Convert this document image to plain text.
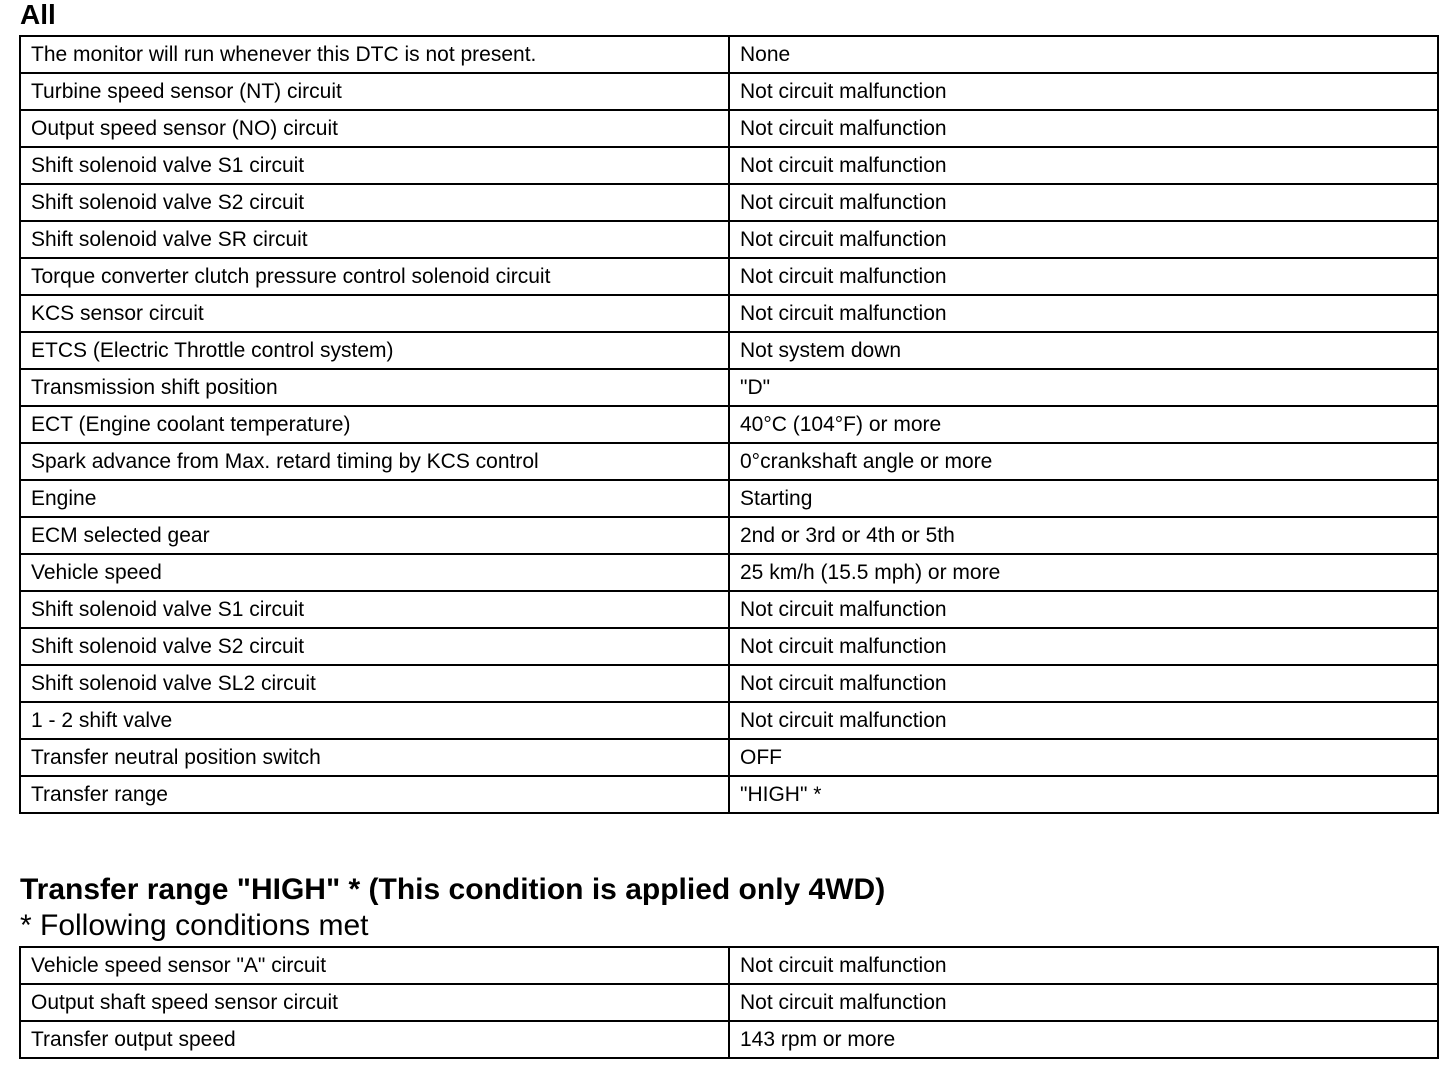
All
The monitor will run whenever this DTC is not present.	None
Turbine speed sensor (NT) circuit	Not circuit malfunction
Output speed sensor (NO) circuit	Not circuit malfunction
Shift solenoid valve S1 circuit	Not circuit malfunction
Shift solenoid valve S2 circuit	Not circuit malfunction
Shift solenoid valve SR circuit	Not circuit malfunction
Torque converter clutch pressure control solenoid circuit	Not circuit malfunction
KCS sensor circuit	Not circuit malfunction
ETCS (Electric Throttle control system)	Not system down
Transmission shift position	"D"
ECT (Engine coolant temperature)	40°C (104°F) or more
Spark advance from Max. retard timing by KCS control	0°crankshaft angle or more
Engine	Starting
ECM selected gear	2nd or 3rd or 4th or 5th
Vehicle speed	25 km/h (15.5 mph) or more
Shift solenoid valve S1 circuit	Not circuit malfunction
Shift solenoid valve S2 circuit	Not circuit malfunction
Shift solenoid valve SL2 circuit	Not circuit malfunction
1 - 2 shift valve	Not circuit malfunction
Transfer neutral position switch	OFF
Transfer range	"HIGH" *
Transfer range "HIGH" * (This condition is applied only 4WD)
* Following conditions met
Vehicle speed sensor "A" circuit	Not circuit malfunction
Output shaft speed sensor circuit	Not circuit malfunction
Transfer output speed	143 rpm or more
